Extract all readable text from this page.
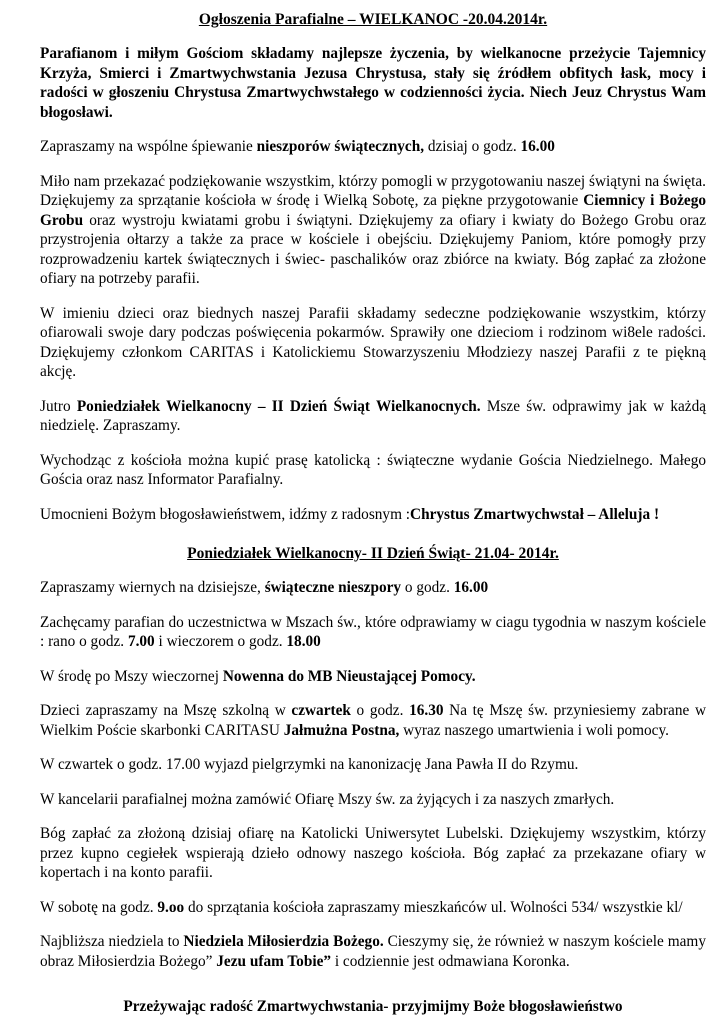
Ogłoszenia Parafialne – WIELKANOC -20.04.2014r.

Parafianom i miłym Gościom składamy najlepsze życzenia, by wielkanocne przeżycie Tajemnicy Krzyża, Smierci i Zmartwychwstania Jezusa Chrystusa, stały się źródłem obfitych łask, mocy i radości w głoszeniu Chrystusa Zmartwychwstałego w codzienności życia. Niech Jeuz Chrystus Wam błogosławi.

Zapraszamy na wspólne śpiewanie nieszporów świątecznych, dzisiaj o godz. 16.00

Miło nam przekazać podziękowanie wszystkim, którzy pomogli w przygotowaniu naszej świątyni na święta. Dziękujemy za sprzątanie kościoła w środę i Wielką Sobotę, za piękne przygotowanie Ciemnicy i Bożego Grobu oraz wystroju kwiatami grobu i świątyni. Dziękujemy za ofiary i kwiaty do Bożego Grobu oraz przystrojenia ołtarzy a także za prace w kościele i obejściu. Dziękujemy Paniom, które pomogły przy rozprowadzeniu kartek świątecznych i świec- paschalików oraz zbiórce na kwiaty. Bóg zapłać za złożone ofiary na potrzeby parafii.

W imieniu dzieci oraz biednych naszej Parafii składamy sedeczne podziękowanie wszystkim, którzy ofiarowali swoje dary podczas poświęcenia pokarmów. Sprawiły one dzieciom i rodzinom wi8ele radości. Dziękujemy członkom CARITAS i Katolickiemu Stowarzyszeniu Młodziezy naszej Parafii z te piękną akcję.

Jutro Poniedziałek Wielkanocny – II Dzień Świąt Wielkanocnych. Msze św. odprawimy jak w każdą niedzielę. Zapraszamy.

Wychodząc z kościoła można kupić prasę katolicką : świąteczne wydanie Gościa Niedzielnego. Małego Gościa oraz nasz Informator Parafialny.

Umocnieni Bożym błogosławieństwem, idźmy z radosnym :Chrystus Zmartwychwstał – Alleluja !

Poniedziałek Wielkanocny- II Dzień Świąt- 21.04- 2014r.

Zapraszamy wiernych na dzisiejsze, świąteczne nieszpory o godz. 16.00

Zachęcamy parafian do uczestnictwa w Mszach św., które odprawiamy w ciagu tygodnia w naszym kościele : rano o godz. 7.00 i wieczorem o godz. 18.00

W środę po Mszy wieczornej Nowenna do MB Nieustającej Pomocy.

Dzieci zapraszamy na Mszę szkolną w czwartek o godz. 16.30 Na tę Mszę św. przyniesiemy zabrane w Wielkim Poście skarbonki CARITASU Jałmużna Postna, wyraz naszego umartwienia i woli pomocy.

W czwartek o godz. 17.00 wyjazd pielgrzymki na kanonizację Jana Pawła II do Rzymu.

W kancelarii parafialnej można zamówić Ofiarę Mszy św. za żyjących i za naszych zmarłych.

Bóg zapłać za złożoną dzisiaj ofiarę na Katolicki Uniwersytet Lubelski. Dziękujemy wszystkim, którzy przez kupno cegiełek wspierają dzieło odnowy naszego kościoła. Bóg zapłać za przekazane ofiary w kopertach i na konto parafii.

W sobotę na godz. 9.oo do sprzątania kościoła zapraszamy mieszkańców ul. Wolności 534/ wszystkie kl/

Najbliższa niedziela to Niedziela Miłosierdzia Bożego. Cieszymy się, że również w naszym kościele mamy obraz Miłosierdzia Bożego” Jezu ufam Tobie” i codziennie jest odmawiana Koronka.

Przeżywając radość Zmartwychwstania- przyjmijmy Boże błogosławieństwo
